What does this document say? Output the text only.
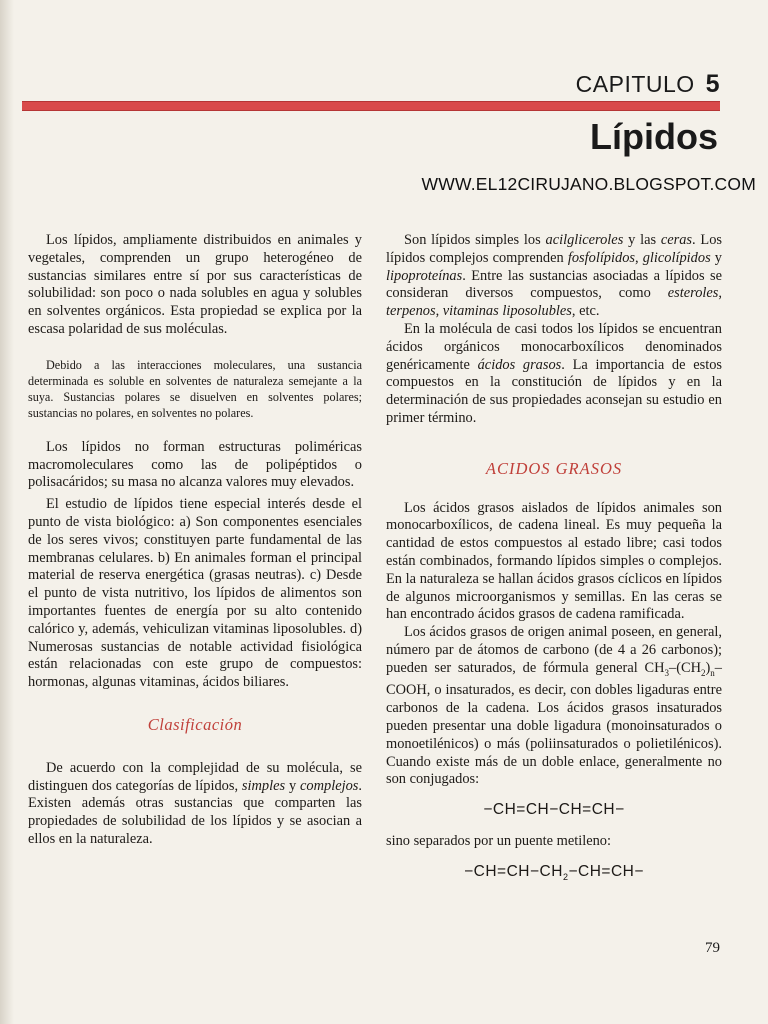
CAPITULO 5
Lípidos
WWW.EL12CIRUJANO.BLOGSPOT.COM

Los lípidos, ampliamente distribuidos en animales y vegetales, comprenden un grupo heterogéneo de sustancias similares entre sí por sus características de solubilidad: son poco o nada solubles en agua y solubles en solventes orgánicos. Esta propiedad se explica por la escasa polaridad de sus moléculas.

Debido a las interacciones moleculares, una sustancia determinada es soluble en solventes de naturaleza semejante a la suya. Sustancias polares se disuelven en solventes polares; sustancias no polares, en solventes no polares.

Los lípidos no forman estructuras poliméricas macromoleculares como las de polipéptidos o polisacáridos; su masa no alcanza valores muy elevados.

El estudio de lípidos tiene especial interés desde el punto de vista biológico: a) Son componentes esenciales de los seres vivos; constituyen parte fundamental de las membranas celulares. b) En animales forman el principal material de reserva energética (grasas neutras). c) Desde el punto de vista nutritivo, los lípidos de alimentos son importantes fuentes de energía por su alto contenido calórico y, además, vehiculizan vitaminas liposolubles. d) Numerosas sustancias de notable actividad fisiológica están relacionadas con este grupo de compuestos: hormonas, algunas vitaminas, ácidos biliares.

Clasificación

De acuerdo con la complejidad de su molécula, se distinguen dos categorías de lípidos, simples y complejos. Existen además otras sustancias que comparten las propiedades de solubilidad de los lípidos y se asocian a ellos en la naturaleza.

Son lípidos simples los acilgliceroles y las ceras. Los lípidos complejos comprenden fosfolípidos, glicolípidos y lipoproteínas. Entre las sustancias asociadas a lípidos se consideran diversos compuestos, como esteroles, terpenos, vitaminas liposolubles, etc.

En la molécula de casi todos los lípidos se encuentran ácidos orgánicos monocarboxílicos denominados genéricamente ácidos grasos. La importancia de estos compuestos en la constitución de lípidos y en la determinación de sus propiedades aconsejan su estudio en primer término.

ACIDOS GRASOS

Los ácidos grasos aislados de lípidos animales son monocarboxílicos, de cadena lineal. Es muy pequeña la cantidad de estos compuestos al estado libre; casi todos están combinados, formando lípidos simples o complejos. En la naturaleza se hallan ácidos grasos cíclicos en lípidos de algunos microorganismos y semillas. En las ceras se han encontrado ácidos grasos de cadena ramificada.

Los ácidos grasos de origen animal poseen, en general, número par de átomos de carbono (de 4 a 26 carbonos); pueden ser saturados, de fórmula general $CH_3-(CH_2)_n$–COOH, o insaturados, es decir, con dobles ligaduras entre carbonos de la cadena. Los ácidos grasos insaturados pueden presentar una doble ligadura (monoinsaturados o monoetilénicos) o más (poliinsaturados o polietilénicos). Cuando existe más de un doble enlace, generalmente no son conjugados:

−CH=CH−CH=CH−

sino separados por un puente metileno:

$-CH=CH-CH_2-CH=CH-$
79
